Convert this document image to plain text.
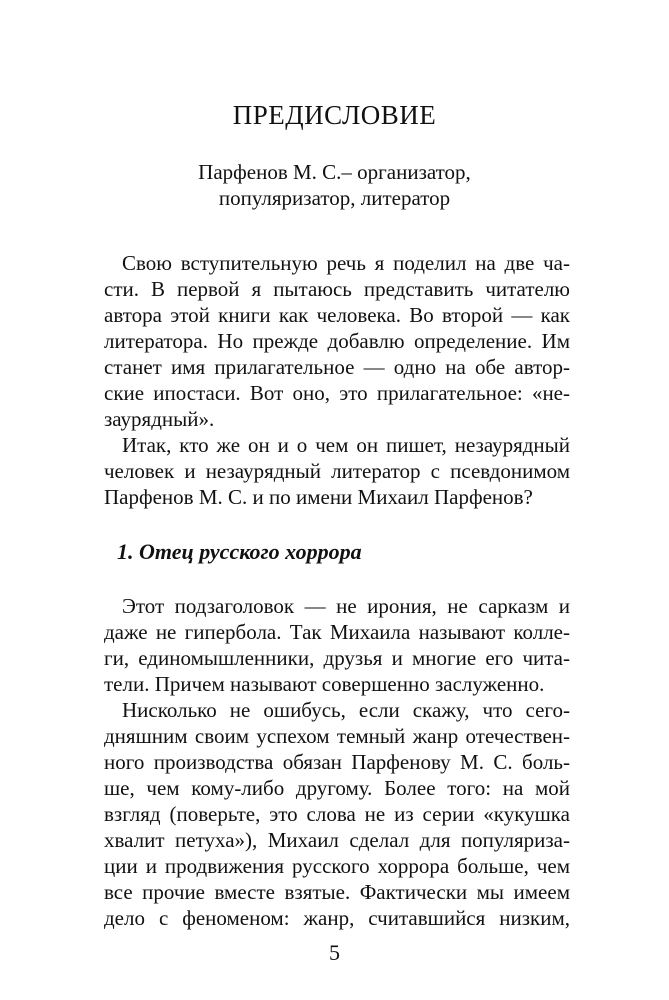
ПРЕДИСЛОВИЕ
Парфенов М. С.– организатор,
популяризатор, литератор
Свою вступительную речь я поделил на две ча-
сти. В первой я пытаюсь представить читателю
автора этой книги как человека. Во второй — как
литератора. Но прежде добавлю определение. Им
станет имя прилагательное — одно на обе автор-
ские ипостаси. Вот оно, это прилагательное: «не-
заурядный».
Итак, кто же он и о чем он пишет, незаурядный
человек и незаурядный литератор с псевдонимом
Парфенов М. С. и по имени Михаил Парфенов?
1. Отец русского хоррора
Этот подзаголовок — не ирония, не сарказм и
даже не гипербола. Так Михаила называют колле-
ги, единомышленники, друзья и многие его чита-
тели. Причем называют совершенно заслуженно.
Нисколько не ошибусь, если скажу, что сего-
дняшним своим успехом темный жанр отечествен-
ного производства обязан Парфенову М. С. боль-
ше, чем кому-либо другому. Более того: на мой
взгляд (поверьте, это слова не из серии «кукушка
хвалит петуха»), Михаил сделал для популяриза-
ции и продвижения русского хоррора больше, чем
все прочие вместе взятые. Фактически мы имеем
дело с феноменом: жанр, считавшийся низким,
5
